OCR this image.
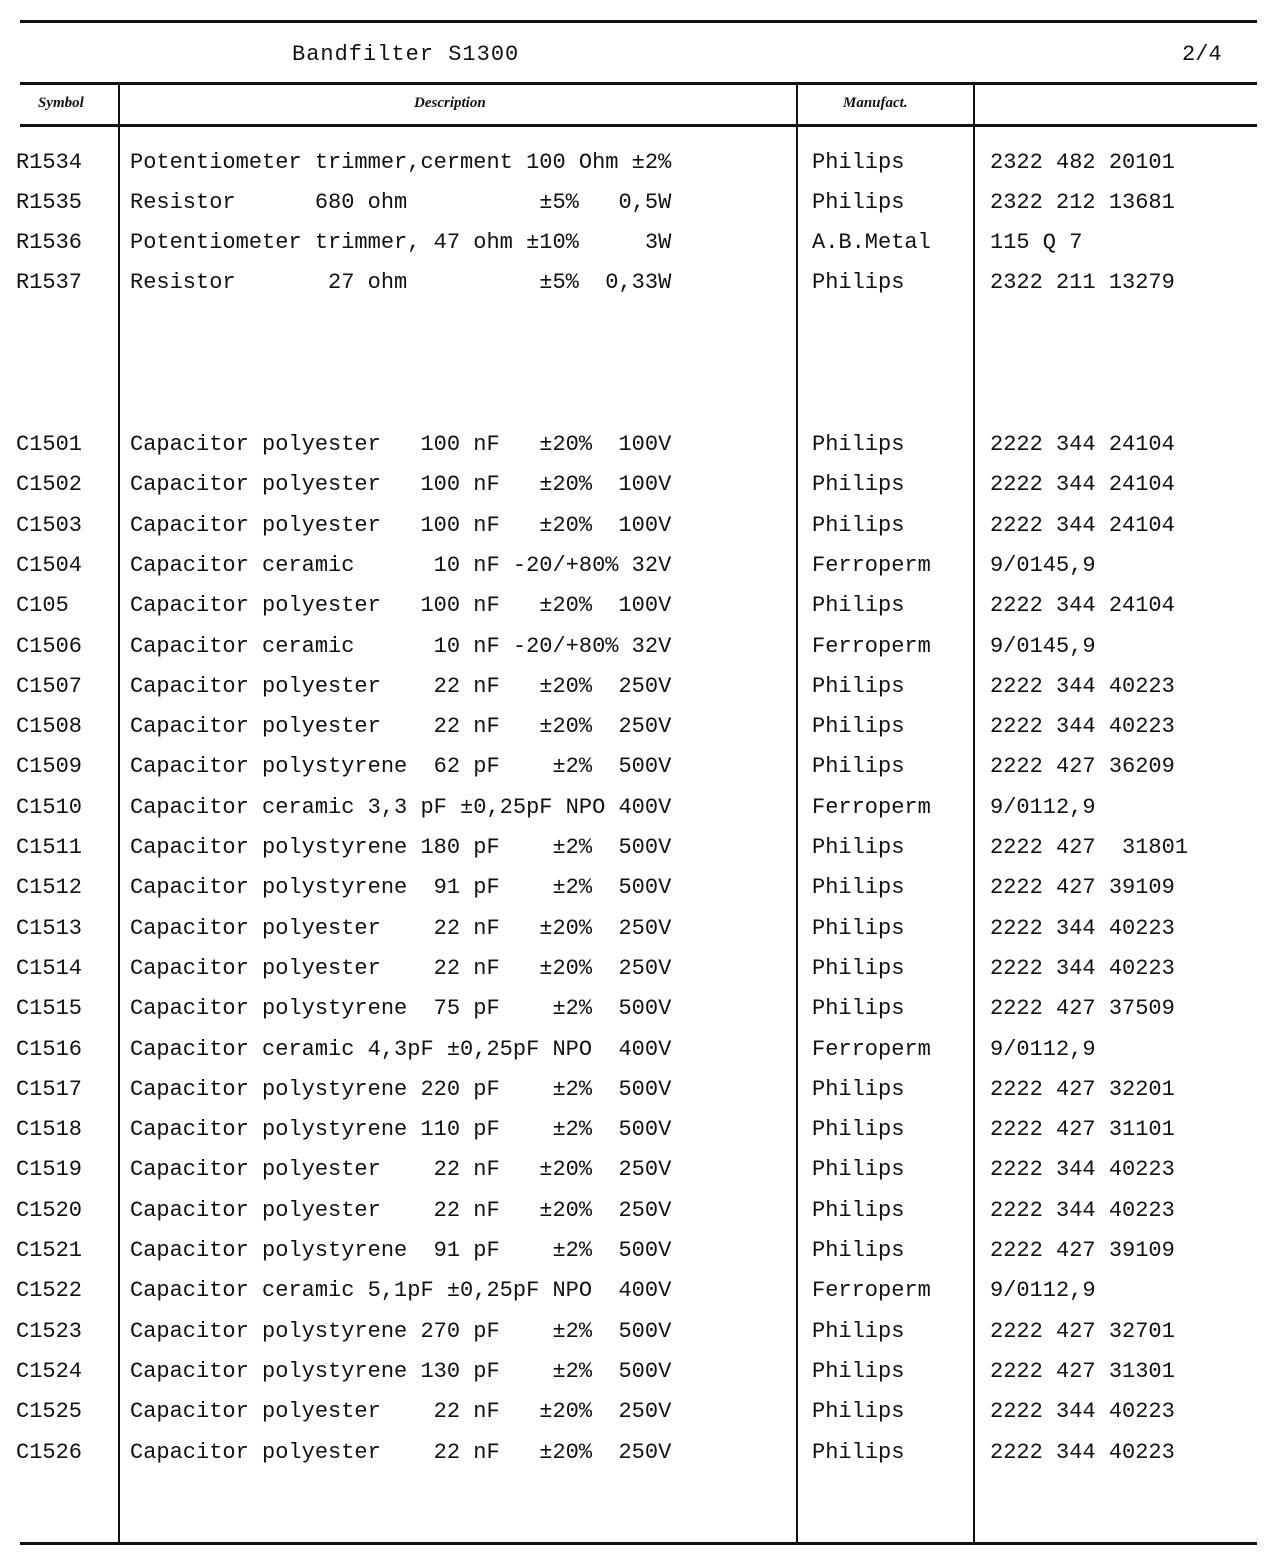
Bandfilter S1300	2/4
Symbol	Description	Manufact.
R1534 Potentiometer trimmer,cerment 100 Ohm ±2%	Philips	2322 482 20101
R1535 Resistor      680 ohm          ±5%   0,5W	Philips	2322 212 13681
R1536 Potentiometer trimmer, 47 ohm ±10%     3W	A.B.Metal	115 Q 7
R1537 Resistor       27 ohm          ±5%  0,33W	Philips	2322 211 13279
C1501 Capacitor polyester   100 nF   ±20%  100V	Philips	2222 344 24104
C1502 Capacitor polyester   100 nF   ±20%  100V	Philips	2222 344 24104
C1503 Capacitor polyester   100 nF   ±20%  100V	Philips	2222 344 24104
C1504 Capacitor ceramic      10 nF -20/+80% 32V	Ferroperm	9/0145,9
C105	Capacitor polyester   100 nF   ±20%  100V	Philips	2222 344 24104
C1506 Capacitor ceramic      10 nF -20/+80% 32V	Ferroperm	9/0145,9
C1507 Capacitor polyester    22 nF   ±20%  250V	Philips	2222 344 40223
C1508 Capacitor polyester    22 nF   ±20%  250V	Philips	2222 344 40223
C1509 Capacitor polystyrene  62 pF    ±2%  500V	Philips	2222 427 36209
C1510 Capacitor ceramic 3,3 pF ±0,25pF NPO 400V	Ferroperm	9/0112,9
C1511 Capacitor polystyrene 180 pF    ±2%  500V	Philips	2222 427  31801
C1512 Capacitor polystyrene  91 pF    ±2%  500V	Philips	2222 427 39109
C1513 Capacitor polyester    22 nF   ±20%  250V	Philips	2222 344 40223
C1514 Capacitor polyester    22 nF   ±20%  250V	Philips	2222 344 40223
C1515 Capacitor polystyrene  75 pF    ±2%  500V	Philips	2222 427 37509
C1516 Capacitor ceramic 4,3pF ±0,25pF NPO  400V	Ferroperm	9/0112,9
C1517 Capacitor polystyrene 220 pF    ±2%  500V	Philips	2222 427 32201
C1518 Capacitor polystyrene 110 pF    ±2%  500V	Philips	2222 427 31101
C1519 Capacitor polyester    22 nF   ±20%  250V	Philips	2222 344 40223
C1520 Capacitor polyester    22 nF   ±20%  250V	Philips	2222 344 40223
C1521 Capacitor polystyrene  91 pF    ±2%  500V	Philips	2222 427 39109
C1522 Capacitor ceramic 5,1pF ±0,25pF NPO  400V	Ferroperm	9/0112,9
C1523 Capacitor polystyrene 270 pF    ±2%  500V	Philips	2222 427 32701
C1524 Capacitor polystyrene 130 pF    ±2%  500V	Philips	2222 427 31301
C1525 Capacitor polyester    22 nF   ±20%  250V	Philips	2222 344 40223
C1526 Capacitor polyester    22 nF   ±20%  250V	Philips	2222 344 40223
